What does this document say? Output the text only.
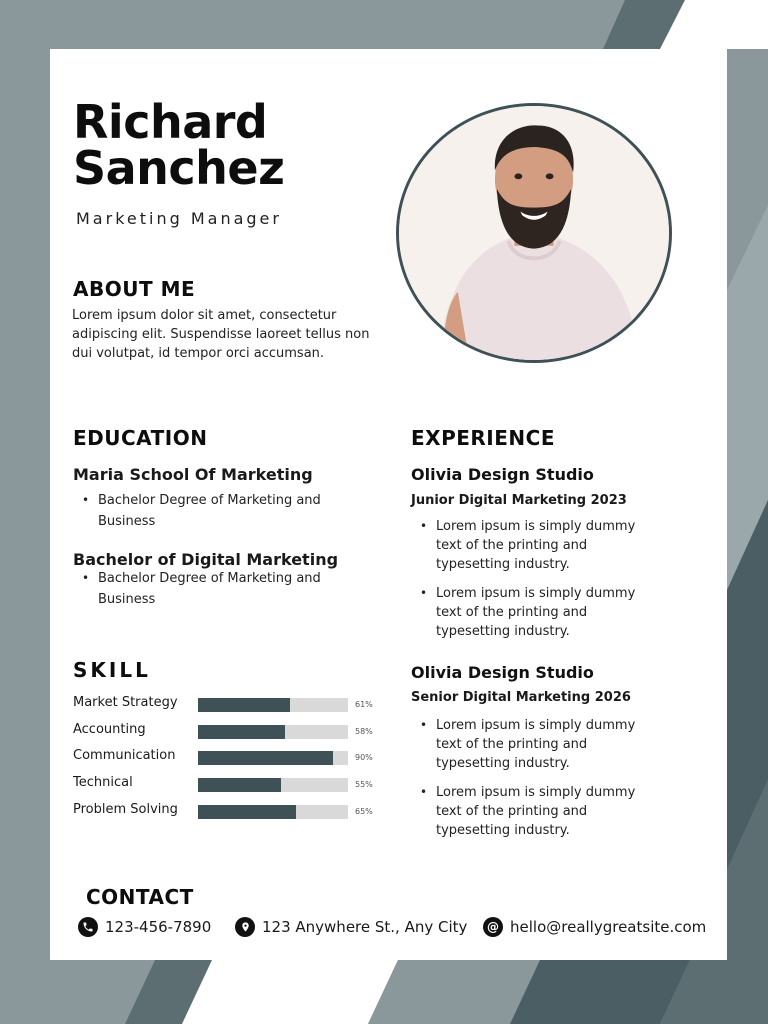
Richard
Sanchez
Marketing Manager
ABOUT ME
Lorem ipsum dolor sit amet, consectetur adipiscing elit. Suspendisse laoreet tellus non dui volutpat, id tempor orci accumsan.
EDUCATION
Maria School Of Marketing
• Bachelor Degree of Marketing and Business
Bachelor of Digital Marketing
• Bachelor Degree of Marketing and Business
SKILL
Market Strategy	61%
Accounting	58%
Communication	90%
Technical	55%
Problem Solving	65%
EXPERIENCE
Olivia Design Studio
Junior Digital Marketing 2023
• Lorem ipsum is simply dummy text of the printing and typesetting industry.
• Lorem ipsum is simply dummy text of the printing and typesetting industry.
Olivia Design Studio
Senior Digital Marketing 2026
• Lorem ipsum is simply dummy text of the printing and typesetting industry.
• Lorem ipsum is simply dummy text of the printing and typesetting industry.
CONTACT
123-456-7890	123 Anywhere St., Any City @ hello@reallygreatsite.com
